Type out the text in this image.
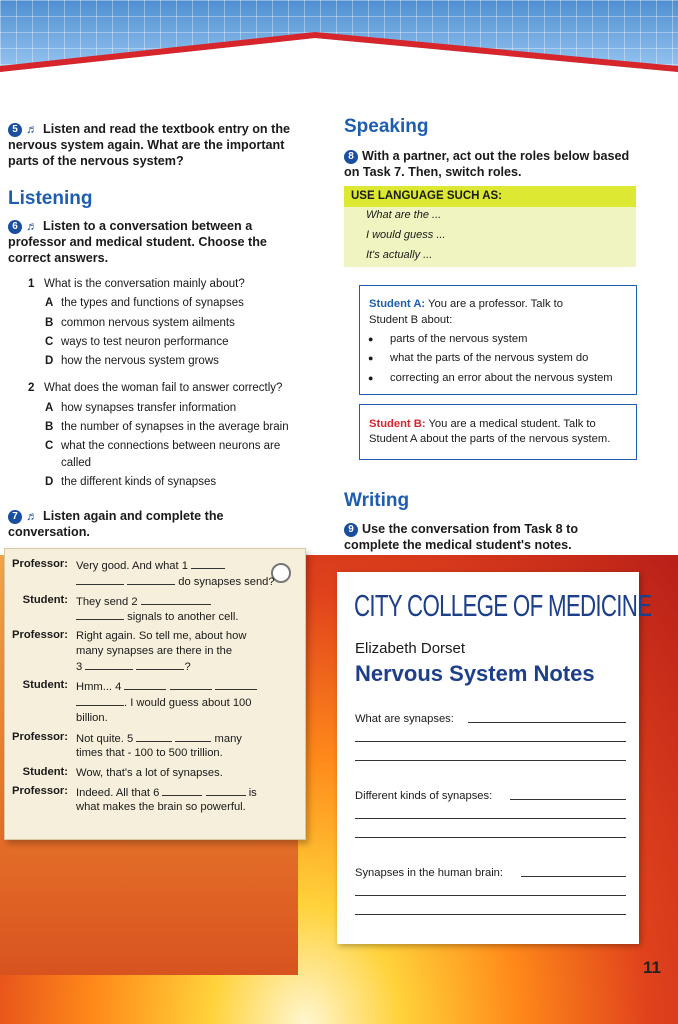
5 ♬ Listen and read the textbook entry on the nervous system again. What are the important parts of the nervous system?
Listening
6 ♬ Listen to a conversation between a professor and medical student. Choose the correct answers.
1 What is the conversation mainly about?
A the types and functions of synapses
B common nervous system ailments
C ways to test neuron performance
D how the nervous system grows
2 What does the woman fail to answer correctly?
A how synapses transfer information
B the number of synapses in the average brain
C what the connections between neurons are
called
D the different kinds of synapses
7 ♬ Listen again and complete the conversation.
Professor: Very good. And what 1
do synapses send?
Student: They send 2
signals to another cell.
Professor: Right again. So tell me, about how
many synapses are there in the
3	?
Student: Hmm... 4
. I would guess about 100
billion.
Professor: Not quite. 5	many
times that - 100 to 500 trillion.
Student: Wow, that's a lot of synapses.
Professor: Indeed. All that 6	is
what makes the brain so powerful.
Speaking
8 With a partner, act out the roles below based on Task 7. Then, switch roles.
USE LANGUAGE SUCH AS:
What are the ...
I would guess ...
It's actually ...
Student A: You are a professor. Talk to
Student B about:
● parts of the nervous system
● what the parts of the nervous system do
● correcting an error about the nervous system
Student B: You are a medical student. Talk to
Student A about the parts of the nervous system.
Writing
9 Use the conversation from Task 8 to complete the medical student's notes.
CITY COLLEGE OF MEDICINE
Elizabeth Dorset
Nervous System Notes
What are synapses:
Different kinds of synapses:
Synapses in the human brain:
11
